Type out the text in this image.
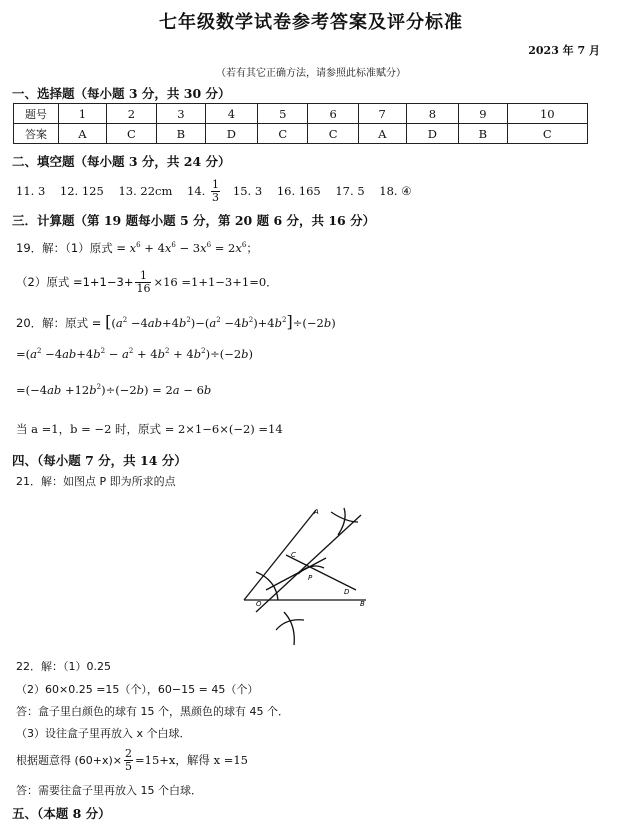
七年级数学试卷参考答案及评分标准
2023 年 7 月
（若有其它正确方法，请参照此标准赋分）
一、选择题（每小题 3 分，共 30 分）
题号	1	2	3	4	5	6	7	8	9	10
答案	A	C	B	D	C	C	A	D	B	C
二、填空题（每小题 3 分，共 24 分）
11.
3
12.
125
13.
22cm
14.
$\frac{1}{3}$
15.
3
16.
165
17.
5
18.
④
三．计算题（第 19 题每小题 5 分，第 20 题 6 分，共 16 分）
19．解：（1）原式 = $x^6 + 4x^6 - 3x^6 = 2x^6$；
（2）原式 $=1+1-3+ \frac{1}{16} \times 16 =1+1-3+1=0$．
20．解：原式 = $[(a^2 -4ab+4b^2)-(a^2 -4b^2)+4b^2]\div(-2b)$
$=(a^2 -4ab+4b^2 - a^2 + 4b^2 + 4b^2)\div(-2b)$
$=(-4ab +12b^2)\div(-2b) = 2a - 6b$
当 a =1，b = −2 时，原式 = 2×1−6×(−2) =14
四、（每小题 7 分，共 14 分）
21．解：如图点 P 即为所求的点
A
C
P
D
O	B
22．解：（1）0.25
（2）60×0.25 =15（个），60−15 = 45（个）
答：盒子里白颜色的球有 15 个，黑颜色的球有 45 个．
（3）设往盒子里再放入 x 个白球．
根据题意得 $(60+x)\times \frac{2}{5} =15+x$，解得 x =15
答：需要往盒子里再放入 15 个白球．
五、（本题 8 分）
